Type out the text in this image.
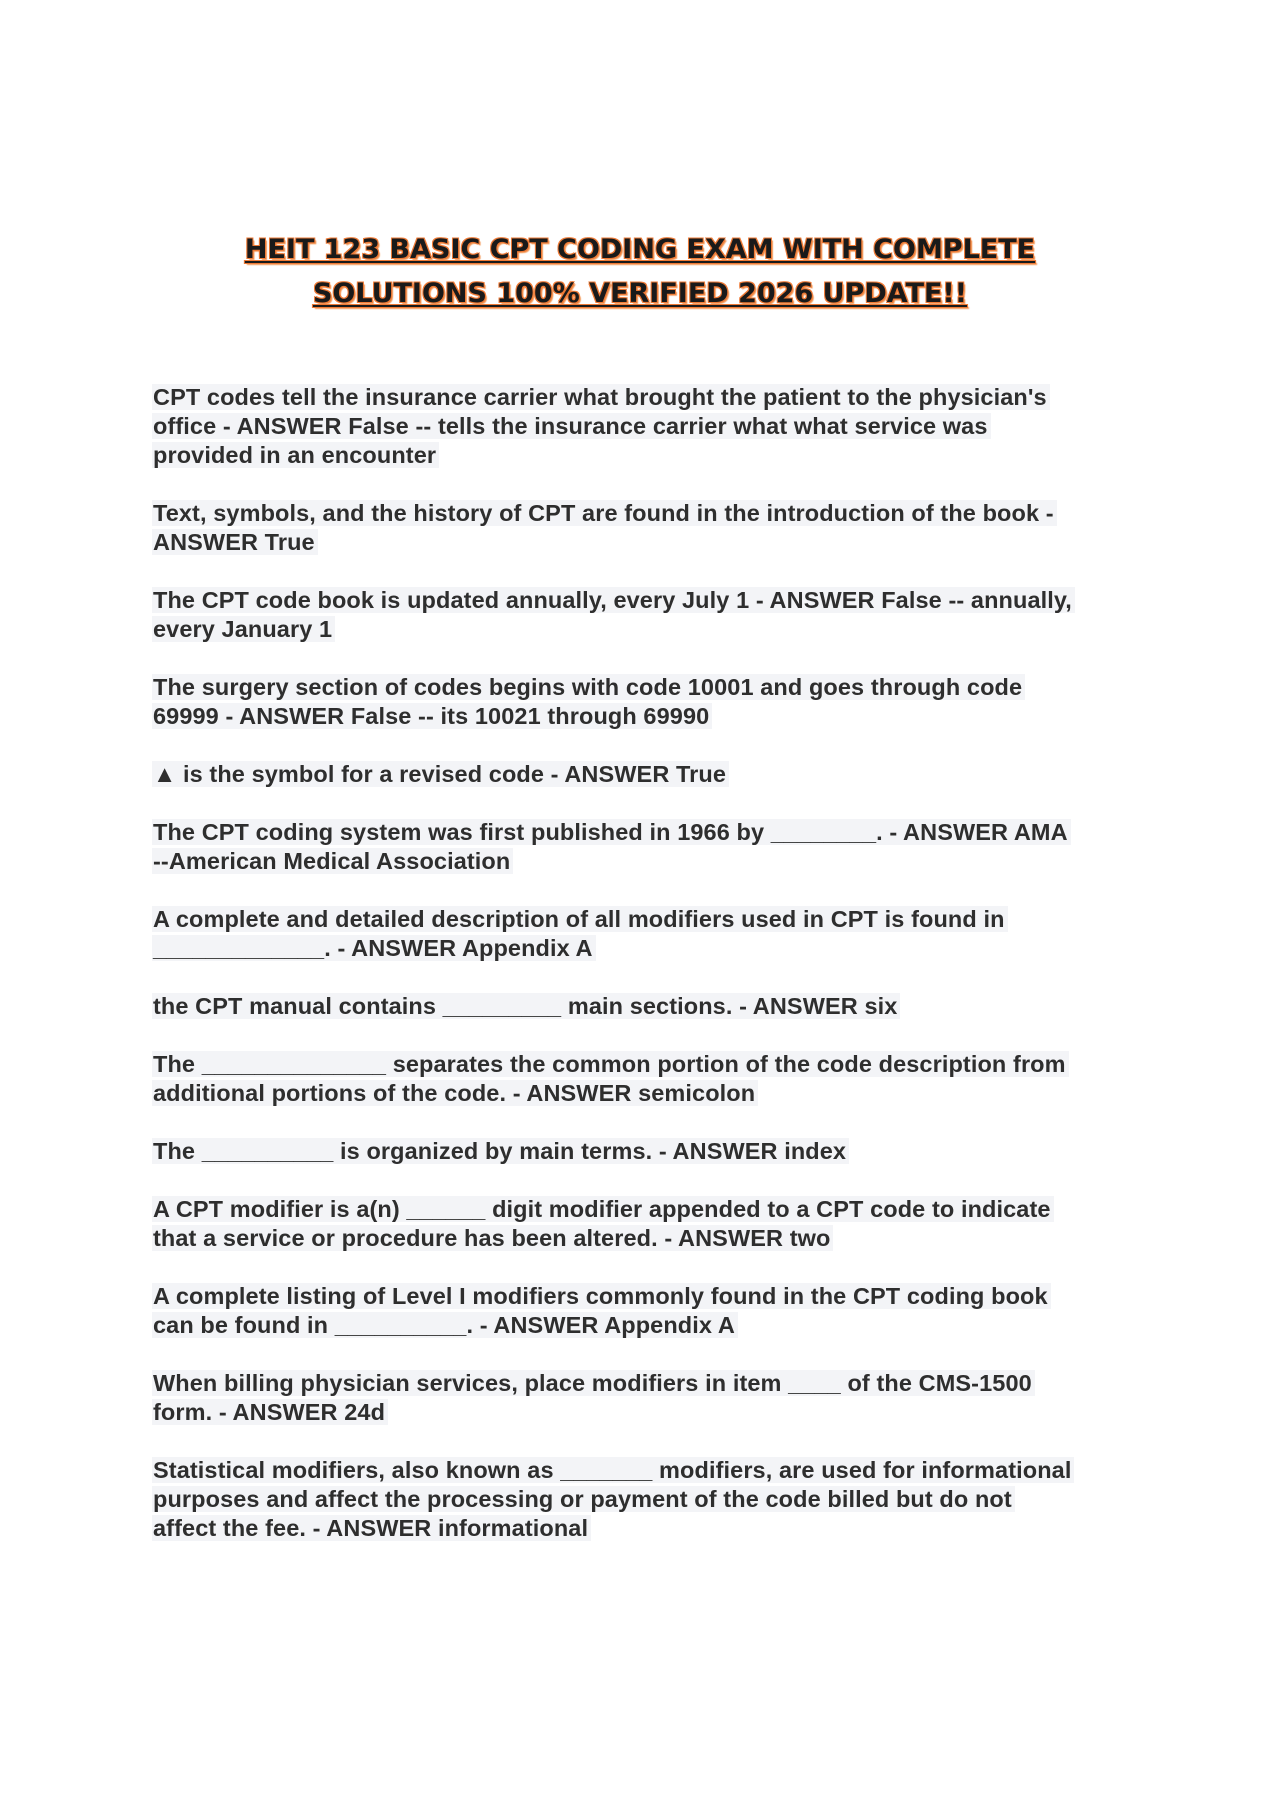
HEIT 123 BASIC CPT CODING EXAM WITH COMPLETE
SOLUTIONS 100% VERIFIED 2026 UPDATE!!
CPT codes tell the insurance carrier what brought the patient to the physician's
office - ANSWER False -- tells the insurance carrier what what service was
provided in an encounter
Text, symbols, and the history of CPT are found in the introduction of the book -
ANSWER True
The CPT code book is updated annually, every July 1 - ANSWER False -- annually,
every January 1
The surgery section of codes begins with code 10001 and goes through code
69999 - ANSWER False -- its 10021 through 69990
▲ is the symbol for a revised code - ANSWER True
The CPT coding system was first published in 1966 by ________. - ANSWER AMA
--American Medical Association
A complete and detailed description of all modifiers used in CPT is found in
_____________. - ANSWER Appendix A
the CPT manual contains _________ main sections. - ANSWER six
The ______________ separates the common portion of the code description from
additional portions of the code. - ANSWER semicolon
The __________ is organized by main terms. - ANSWER index
A CPT modifier is a(n) ______ digit modifier appended to a CPT code to indicate
that a service or procedure has been altered. - ANSWER two
A complete listing of Level I modifiers commonly found in the CPT coding book
can be found in __________. - ANSWER Appendix A
When billing physician services, place modifiers in item ____ of the CMS-1500
form. - ANSWER 24d
Statistical modifiers, also known as _______ modifiers, are used for informational
purposes and affect the processing or payment of the code billed but do not
affect the fee. - ANSWER informational
